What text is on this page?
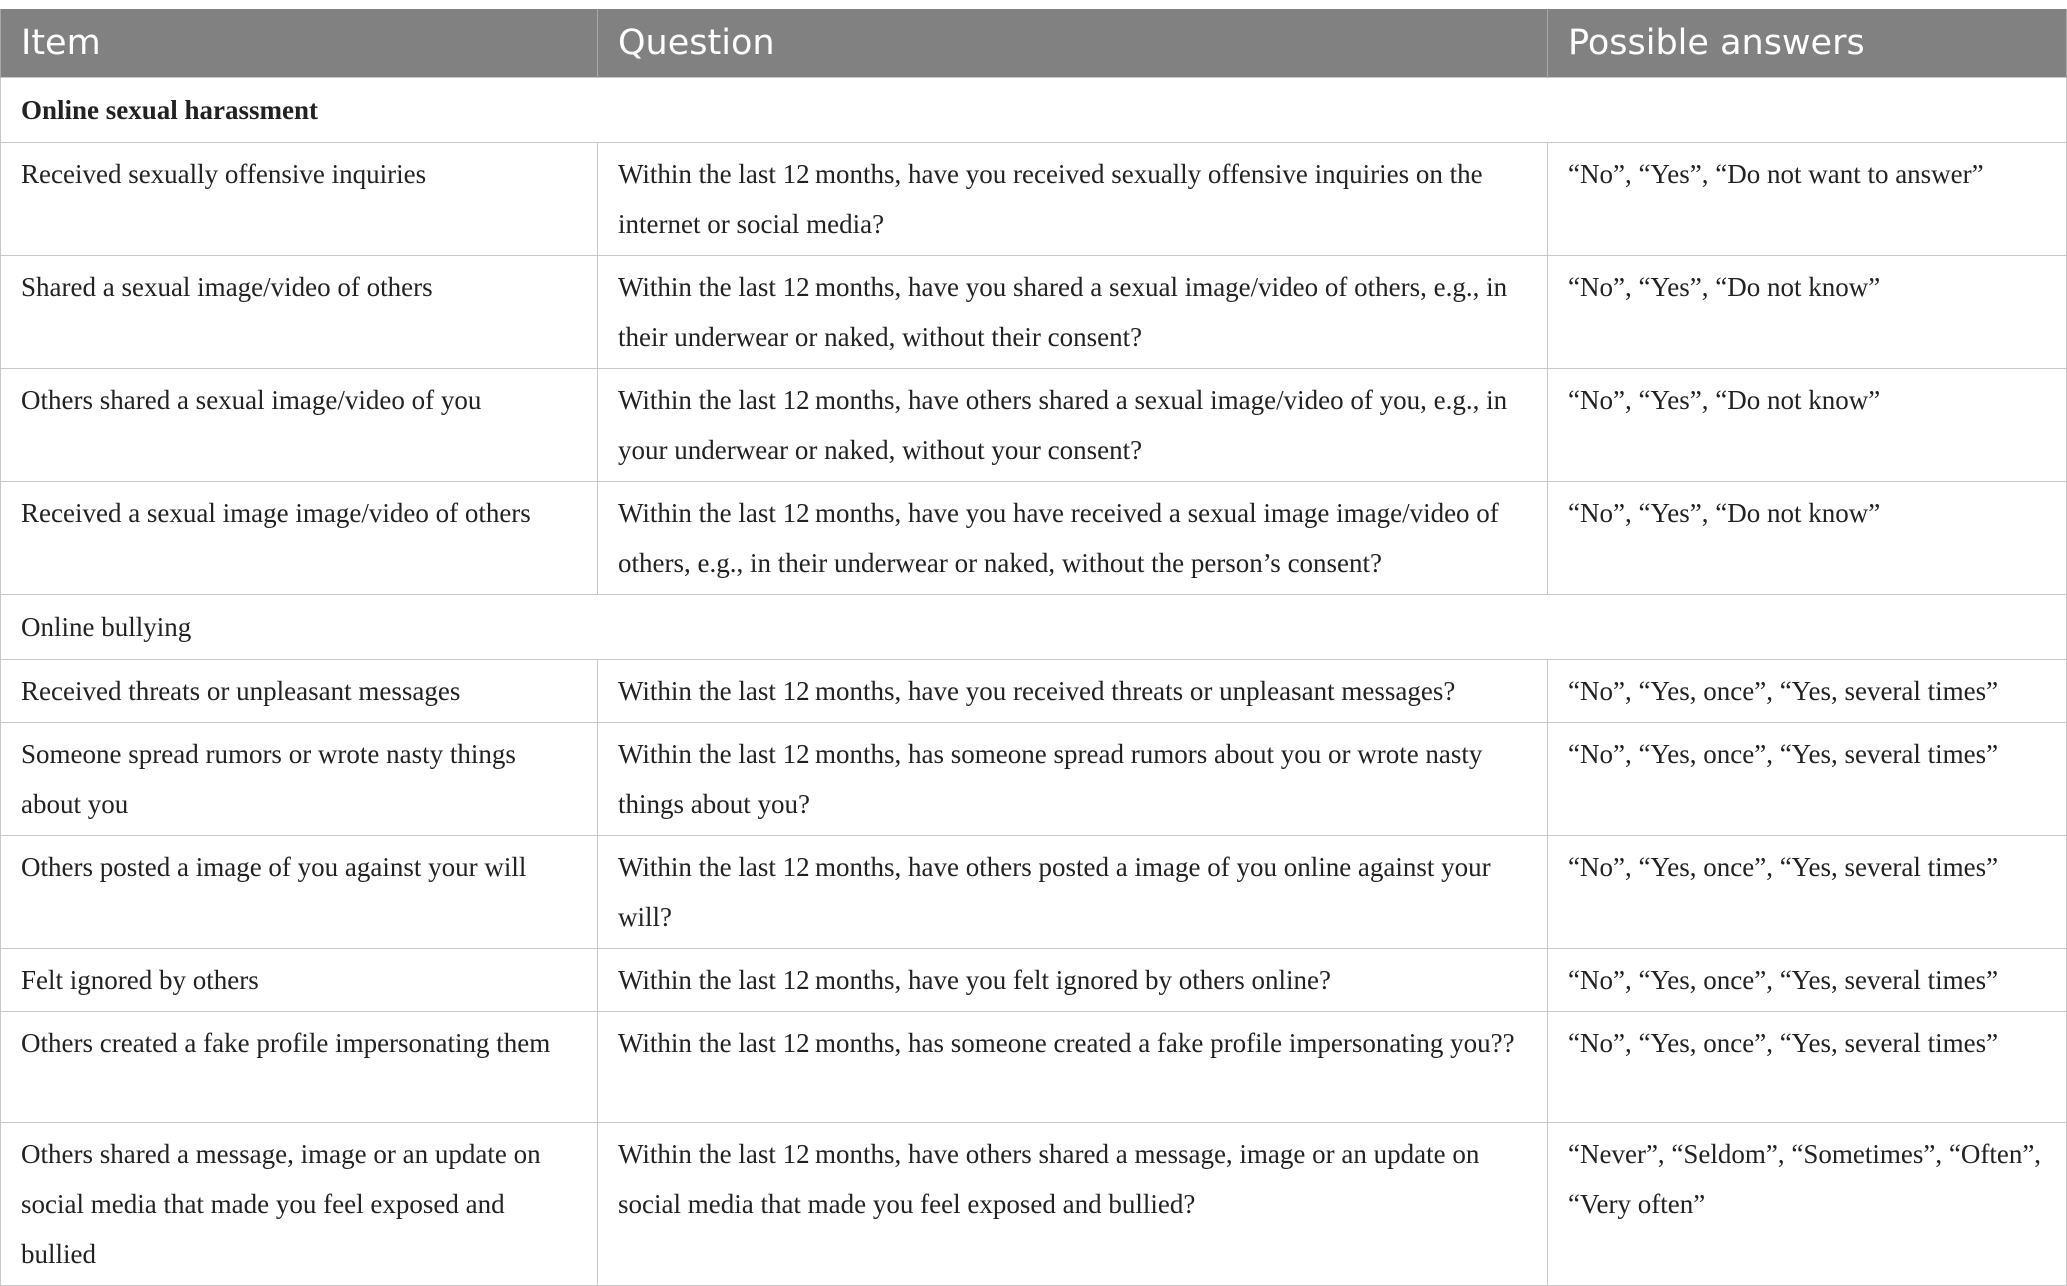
Item	Question	Possible answers
Online sexual harassment		
Received sexually offensive inquiries	Within the last 12 months, have you received sexually offensive inquiries on the internet or social media?	“No”, “Yes”, “Do not want to answer”
Shared a sexual image/video of others	Within the last 12 months, have you shared a sexual image/video of others, e.g., in their underwear or naked, without their consent?	“No”, “Yes”, “Do not know”
Others shared a sexual image/video of you	Within the last 12 months, have others shared a sexual image/video of you, e.g., in your underwear or naked, without your consent?	“No”, “Yes”, “Do not know”
Received a sexual image image/video of others	Within the last 12 months, have you have received a sexual image image/video of others, e.g., in their underwear or naked, without the person’s consent?	“No”, “Yes”, “Do not know”
Online bullying		
Received threats or unpleasant messages	Within the last 12 months, have you received threats or unpleasant messages?	“No”, “Yes, once”, “Yes, several times”
Someone spread rumors or wrote nasty things about you	Within the last 12 months, has someone spread rumors about you or wrote nasty things about you?	“No”, “Yes, once”, “Yes, several times”
Others posted a image of you against your will	Within the last 12 months, have others posted a image of you online against your will?	“No”, “Yes, once”, “Yes, several times”
Felt ignored by others	Within the last 12 months, have you felt ignored by others online?	“No”, “Yes, once”, “Yes, several times”
Others created a fake profile impersonating them	Within the last 12 months, has someone created a fake profile impersonating you??	“No”, “Yes, once”, “Yes, several times”
Others shared a message, image or an update on social media that made you feel exposed and bullied	Within the last 12 months, have others shared a message, image or an update on social media that made you feel exposed and bullied?	“Never”, “Seldom”, “Sometimes”, “Often”, “Very often”
